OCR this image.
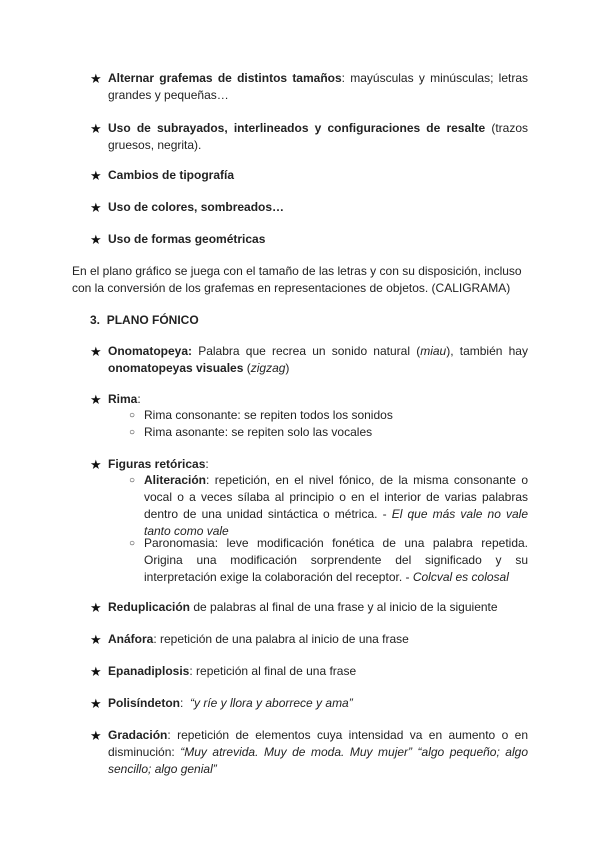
★ Alternar grafemas de distintos tamaños: mayúsculas y minúsculas; letras grandes y pequeñas…
★ Uso de subrayados, interlineados y configuraciones de resalte (trazos gruesos, negrita).
★ Cambios de tipografía
★ Uso de colores, sombreados…
★ Uso de formas geométricas
En el plano gráfico se juega con el tamaño de las letras y con su disposición, incluso con la conversión de los grafemas en representaciones de objetos. (CALIGRAMA)
3. PLANO FÓNICO
★ Onomatopeya: Palabra que recrea un sonido natural (miau), también hay onomatopeyas visuales (zigzag)
★ Rima:
○ Rima consonante: se repiten todos los sonidos
○ Rima asonante: se repiten solo las vocales
★ Figuras retóricas:
○ Aliteración: repetición, en el nivel fónico, de la misma consonante o vocal o a veces sílaba al principio o en el interior de varias palabras dentro de una unidad sintáctica o métrica. - El que más vale no vale tanto como vale
○ Paronomasia: leve modificación fonética de una palabra repetida. Origina una modificación sorprendente del significado y su interpretación exige la colaboración del receptor. - Colcval es colosal
★ Reduplicación de palabras al final de una frase y al inicio de la siguiente
★ Anáfora: repetición de una palabra al inicio de una frase
★ Epanadiplosis: repetición al final de una frase
★ Polisíndeton:  “y ríe y llora y aborrece y ama”
★ Gradación: repetición de elementos cuya intensidad va en aumento o en disminución: “Muy atrevida. Muy de moda. Muy mujer” “algo pequeño; algo sencillo; algo genial”
